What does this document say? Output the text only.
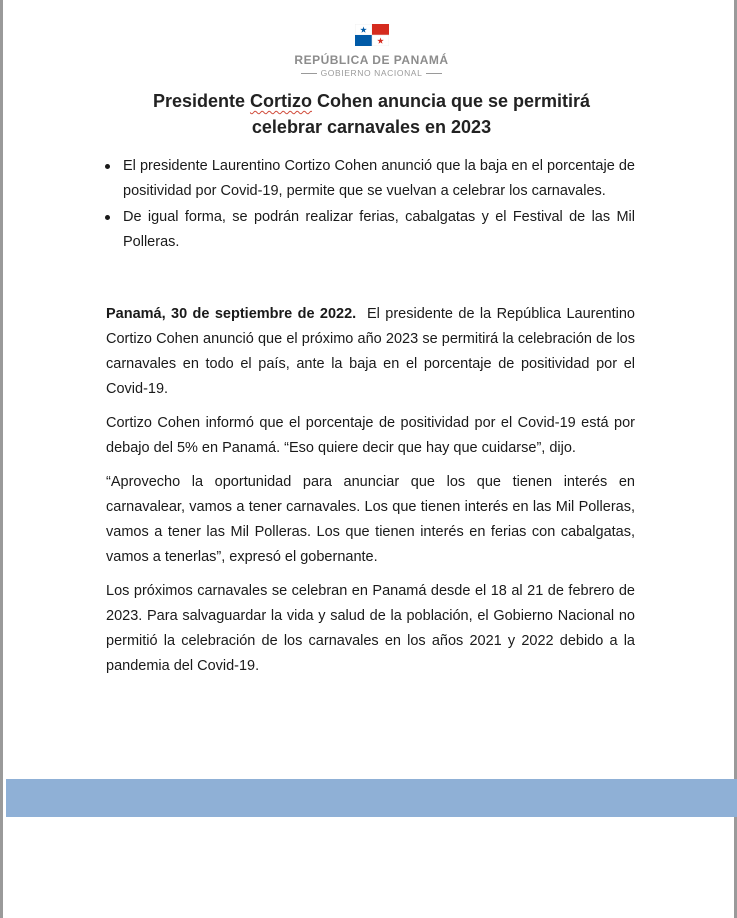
REPÚBLICA DE PANAMÁ
GOBIERNO NACIONAL
Presidente Cortizo Cohen anuncia que se permitirá
celebrar carnavales en 2023
El presidente Laurentino Cortizo Cohen anunció que la baja en el porcentaje de positividad por Covid-19, permite que se vuelvan a celebrar los carnavales.
De igual forma, se podrán realizar ferias, cabalgatas y el Festival de las Mil Polleras.

Panamá, 30 de septiembre de 2022. El presidente de la República Laurentino Cortizo Cohen anunció que el próximo año 2023 se permitirá la celebración de los carnavales en todo el país, ante la baja en el porcentaje de positividad por el Covid-19.

Cortizo Cohen informó que el porcentaje de positividad por el Covid-19 está por debajo del 5% en Panamá. “Eso quiere decir que hay que cuidarse”, dijo.

“Aprovecho la oportunidad para anunciar que los que tienen interés en carnavalear, vamos a tener carnavales. Los que tienen interés en las Mil Polleras, vamos a tener las Mil Polleras. Los que tienen interés en ferias con cabalgatas, vamos a tenerlas”, expresó el gobernante.

Los próximos carnavales se celebran en Panamá desde el 18 al 21 de febrero de 2023. Para salvaguardar la vida y salud de la población, el Gobierno Nacional no permitió la celebración de los carnavales en los años 2021 y 2022 debido a la pandemia del Covid-19.
